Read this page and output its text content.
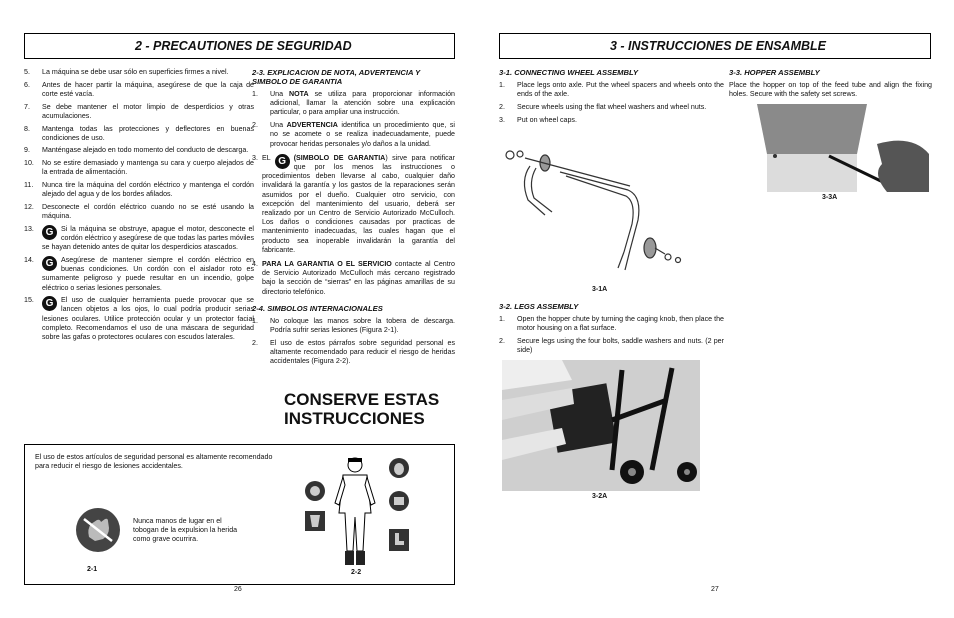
2 - PRECAUTIONES DE SEGURIDAD
5.	La máquina se debe usar sólo en superficies firmes a nivel.
6.	Antes de hacer partir la máquina, asegúrese de que la caja de corte esté vacía.
7.	Se debe mantener el motor limpio de desperdicios y otras acumulaciones.
8.	Mantenga todas las protecciones y deflectores en buenas condiciones de uso.
9.	Manténgase alejado en todo momento del conducto de descarga.
10.	No se estire demasiado y mantenga su cara y cuerpo alejados de la entrada de alimentación.
11.	Nunca tire la máquina del cordón eléctrico y mantenga el cordón alejado del agua y de los bordes afilados.
12.	Desconecte el cordón eléctrico cuando no se esté usando la máquina.
13.	G	Si la máquina se obstruye, apague el motor, desconecte el cordón eléctrico y asegúrese de que todas las partes móviles se hayan detenido antes de quitar los desperdicios atascados.
14.	G	Asegúrese de mantener siempre el cordón eléctrico en buenas condiciones. Un cordón con el aislador roto es sumamente peligroso y puede resultar en un incendio, golpe eléctrico o serias lesiones personales.
15.	G	El uso de cualquier herramienta puede provocar que se lancen objetos a los ojos, lo cual podría producir serias lesiones oculares. Utilice protección ocular y un protector facial completo. Recomendamos el uso de una máscara de seguridad sobre las gafas o protectores oculares con escudos laterales.
2-3. EXPLICACION DE NOTA, ADVERTENCIA Y SIMBOLO DE GARANTIA
1.	Una NOTA se utiliza para proporcionar información adicional, llamar la atención sobre una explicación particular, o para ampliar una instrucción.
2.	Una ADVERTENCIA identifica un procedimiento que, si no se acomete o se realiza inadecuadamente, puede provocar heridas personales y/o daños a la unidad.
3. EL G	(SIMBOLO DE GARANTIA) sirve para notificar que por los menos las instrucciones o procedimientos deben llevarse al cabo, cualquier daño invalidará la garantía y los gastos de la reparaciones serán asumidos por el dueño. Cualquier otro servicio, con excepción del mantenimiento del usuario, deberá ser realizado por un Centro de Servicio Autorizado McCulloch. Los daños o condiciones causadas por practicas de mantenimiento inadecuadas, las cuales hagan que el producto sea inoperable invalidarán la garantía del fabricante.
4. PARA LA GARANTIA O EL SERVICIO contacte al Centro de Servicio Autorizado McCulloch más cercano registrado bajo la sección de “sierras” en las páginas amarillas de su directorio telefónico.
2-4. SIMBOLOS INTERNACIONALES
1.	No coloque las manos sobre la tobera de descarga. Podría sufrir serias lesiones (Figura 2-1).
2.	El uso de estos párrafos sobre seguridad personal es altamente recomendado para reducir el riesgo de heridas accidentales (Figura 2-2).
CONSERVE ESTAS
INSTRUCCIONES
El uso de estos artículos de seguridad personal es altamente recomendado para reducir el riesgo de lesiones accidentales.
Nunca manos de lugar en el tobogan de la expulsion la herida como grave ocurrira.
2-1	2-2
26
3 - INSTRUCCIONES DE ENSAMBLE
3-1. CONNECTING WHEEL ASSEMBLY
1.	Place legs onto axle. Put the wheel spacers and wheels onto the ends of the axle.
2.	Secure wheels using the flat wheel washers and wheel nuts.
3.	Put on wheel caps.
3-1A
3-2. LEGS ASSEMBLY
1.	Open the hopper chute by turning the caging knob, then place the motor housing on a flat surface.
2.	Secure legs using the four bolts, saddle washers and nuts. (2 per side)
3-2A
3-3. HOPPER ASSEMBLY
Place the hopper on top of the feed tube and align the fixing holes. Secure with the safety set screws.
3-3A
27
